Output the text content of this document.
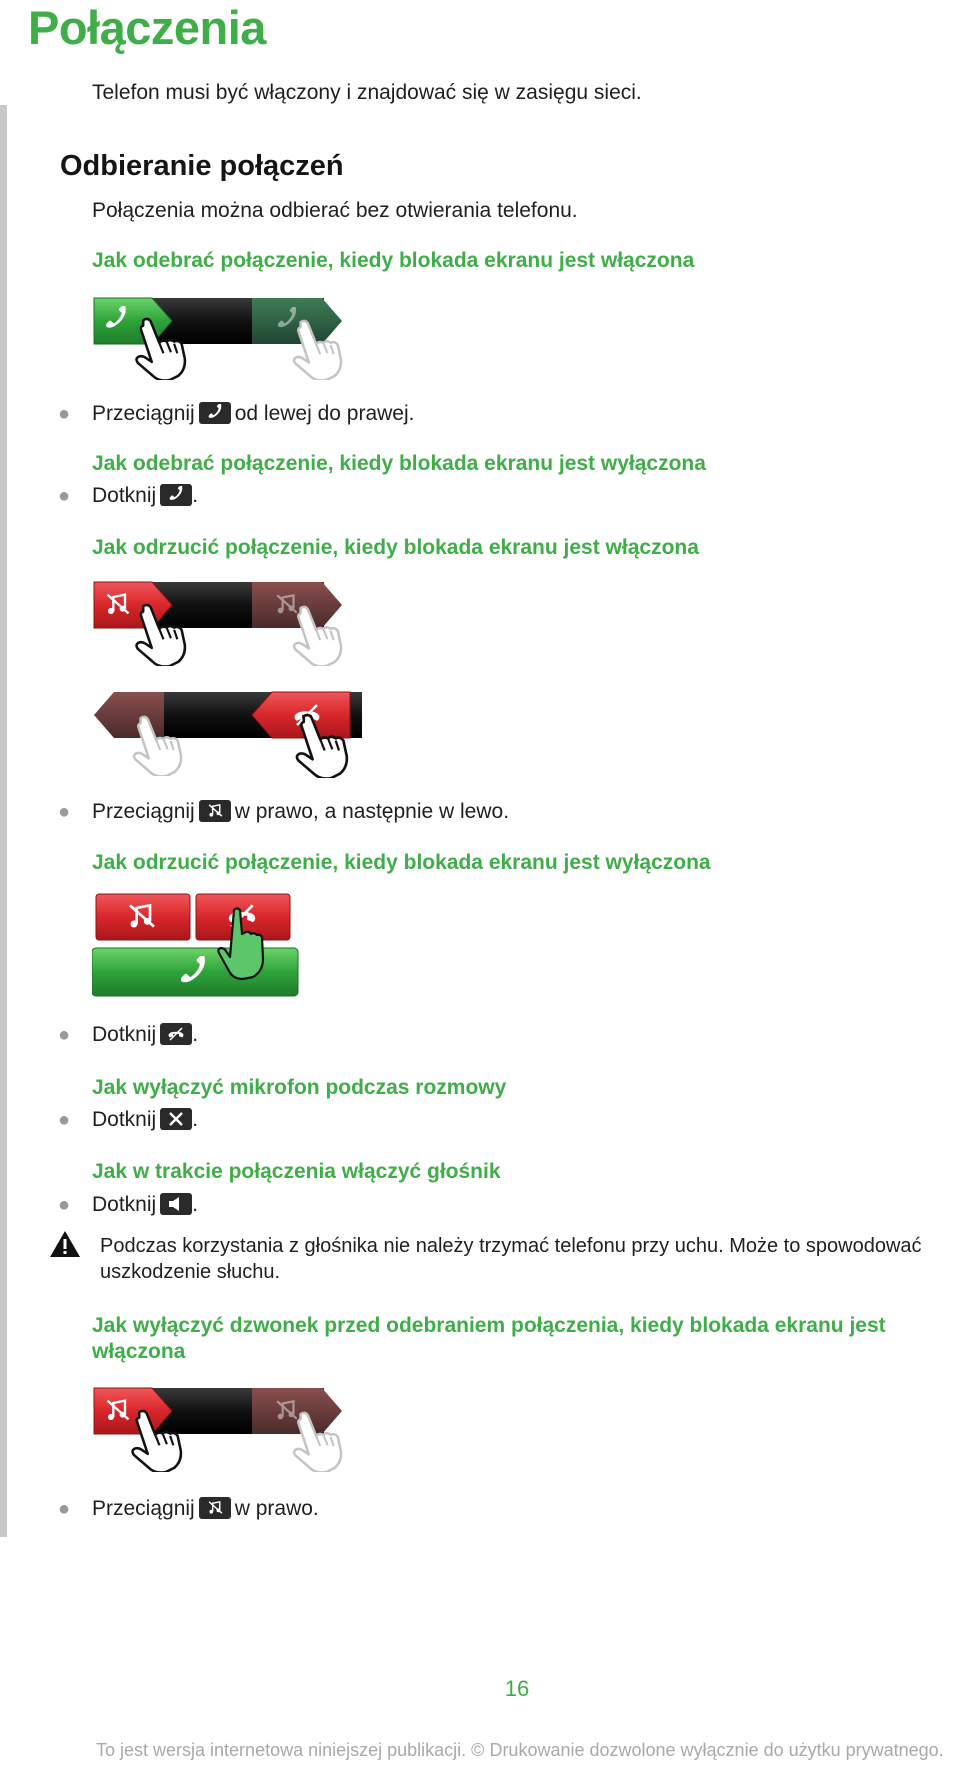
Połączenia
Telefon musi być włączony i znajdować się w zasięgu sieci.
Odbieranie połączeń
Połączenia można odbierać bez otwierania telefonu.
Jak odebrać połączenie, kiedy blokada ekranu jest włączona
● Przeciągnij od lewej do prawej.
Jak odebrać połączenie, kiedy blokada ekranu jest wyłączona
● Dotknij .
Jak odrzucić połączenie, kiedy blokada ekranu jest włączona
● Przeciągnij w prawo, a następnie w lewo.
Jak odrzucić połączenie, kiedy blokada ekranu jest wyłączona
● Dotknij .
Jak wyłączyć mikrofon podczas rozmowy
● Dotknij .
Jak w trakcie połączenia włączyć głośnik
● Dotknij .
Podczas korzystania z głośnika nie należy trzymać telefonu przy uchu. Może to spowodować uszkodzenie słuchu.
Jak wyłączyć dzwonek przed odebraniem połączenia, kiedy blokada ekranu jest
włączona
● Przeciągnij w prawo.
16
To jest wersja internetowa niniejszej publikacji. © Drukowanie dozwolone wyłącznie do użytku prywatnego.
